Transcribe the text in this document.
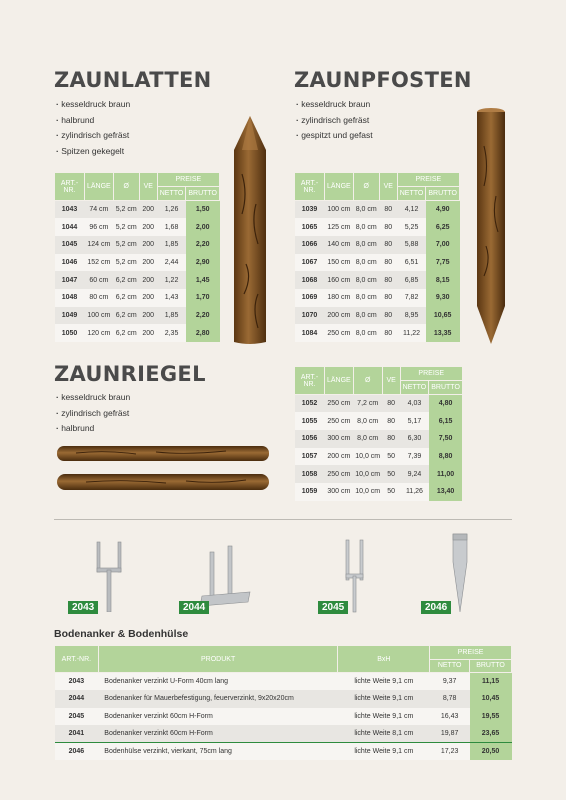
ZAUNLATTEN
· kesseldruck braun
· halbrund
· zylindrisch gefräst
· Spitzen gekegelt
ART.- NR.	LÄNGE	Ø	VE	PREISE	
				NETTO	BRUTTO
1043	74 cm	5,2 cm	200	1,26	1,50
1044	96 cm	5,2 cm	200	1,68	2,00
1045	124 cm	5,2 cm	200	1,85	2,20
1046	152 cm	5,2 cm	200	2,44	2,90
1047	60 cm	6,2 cm	200	1,22	1,45
1048	80 cm	6,2 cm	200	1,43	1,70
1049	100 cm	6,2 cm	200	1,85	2,20
1050	120 cm	6,2 cm	200	2,35	2,80
ZAUNPFOSTEN
· kesseldruck braun
· zylindrisch gefräst
· gespitzt und gefast
ART.- NR.	LÄNGE	Ø	VE	PREISE	
				NETTO	BRUTTO
1039	100 cm	8,0 cm	80	4,12	4,90
1065	125 cm	8,0 cm	80	5,25	6,25
1066	140 cm	8,0 cm	80	5,88	7,00
1067	150 cm	8,0 cm	80	6,51	7,75
1068	160 cm	8,0 cm	80	6,85	8,15
1069	180 cm	8,0 cm	80	7,82	9,30
1070	200 cm	8,0 cm	80	8,95	10,65
1084	250 cm	8,0 cm	80	11,22	13,35
ZAUNRIEGEL
· kesseldruck braun
· zylindrisch gefräst
· halbrund
ART.- NR.	LÄNGE	Ø	VE	PREISE	
				NETTO	BRUTTO
1052	250 cm	7,2 cm	80	4,03	4,80
1055	250 cm	8,0 cm	80	5,17	6,15
1056	300 cm	8,0 cm	80	6,30	7,50
1057	200 cm	10,0 cm	50	7,39	8,80
1058	250 cm	10,0 cm	50	9,24	11,00
1059	300 cm	10,0 cm	50	11,26	13,40
2043	2044	2045	2046
Bodenanker & Bodenhülse
ART.-NR.	PRODUKT	BxH	PREISE	
			NETTO	BRUTTO
2043	Bodenanker verzinkt U-Form 40cm lang	lichte Weite 9,1 cm	9,37	11,15
2044	Bodenanker für Mauerbefestigung, feuerverzinkt, 9x20x20cm	lichte Weite 9,1 cm	8,78	10,45
2045	Bodenanker verzinkt 60cm H-Form	lichte Weite 9,1 cm	16,43	19,55
2041	Bodenanker verzinkt 60cm H-Form	lichte Weite 8,1 cm	19,87	23,65
2046	Bodenhülse verzinkt, vierkant, 75cm lang	lichte Weite 9,1 cm	17,23	20,50
